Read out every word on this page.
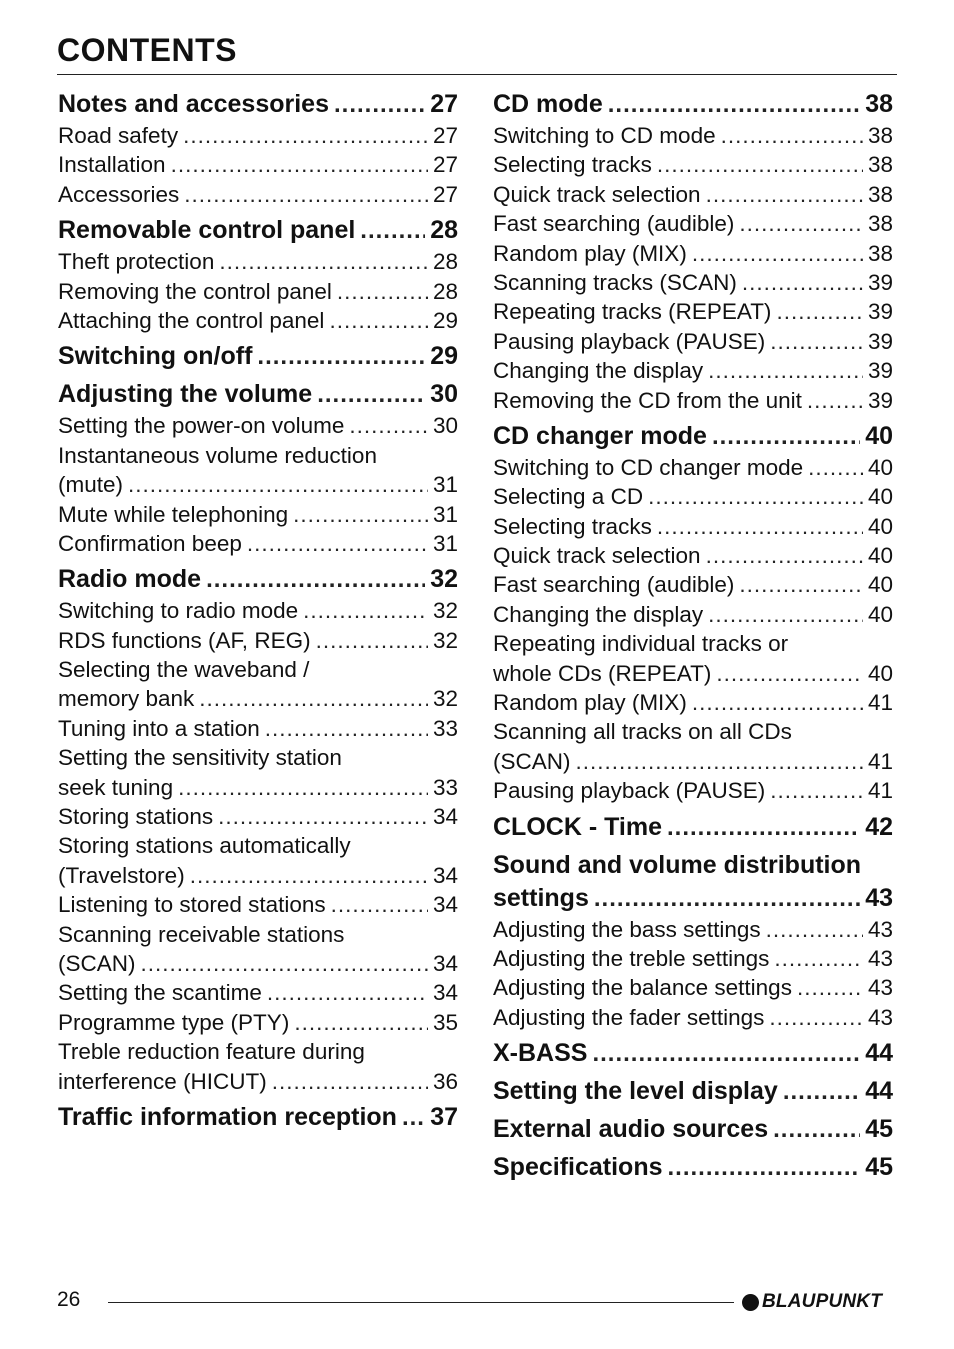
CONTENTS
Notes and accessories .....	27
Road safety .....	27
Installation .....	27
Accessories .....	27
Removable control panel .....	28
Theft protection .....	28
Removing the control panel .....	28
Attaching the control panel .....	29
Switching on/off .....	29
Adjusting the volume .....	30
Setting the power-on volume .....	30
Instantaneous volume reduction
(mute) .....	31
Mute while telephoning .....	31
Confirmation beep .....	31
Radio mode .....	32
Switching to radio mode .....	32
RDS functions (AF, REG) .....	32
Selecting the waveband /
memory bank .....	32
Tuning into a station .....	33
Setting the sensitivity station
seek tuning .....	33
Storing stations .....	34
Storing stations automatically
(Travelstore) .....	34
Listening to stored stations .....	34
Scanning receivable stations
(SCAN) .....	34
Setting the scantime .....	34
Programme type (PTY) .....	35
Treble reduction feature during
interference (HICUT) .....	36
Traffic information reception ..... 37
CD mode .....	38
Switching to CD mode .....	38
Selecting tracks .....	38
Quick track selection .....	38
Fast searching (audible) .....	38
Random play (MIX) .....	38
Scanning tracks (SCAN) .....	39
Repeating tracks (REPEAT) .....	39
Pausing playback (PAUSE) .....	39
Changing the display .....	39
Removing the CD from the unit .....	39
CD changer mode .....	40
Switching to CD changer mode .....	40
Selecting a CD .....	40
Selecting tracks .....	40
Quick track selection .....	40
Fast searching (audible) .....	40
Changing the display .....	40
Repeating individual tracks or
whole CDs (REPEAT) .....	40
Random play (MIX) .....	41
Scanning all tracks on all CDs
(SCAN) .....	41
Pausing playback (PAUSE) .....	41
CLOCK - Time .....	42
Sound and volume distribution
settings .....	43
Adjusting the bass settings .....	43
Adjusting the treble settings .....	43
Adjusting the balance settings .....	43
Adjusting the fader settings .....	43
X-BASS .....	44
Setting the level display .....	44
External audio sources .....	45
Specifications .....	45
26	BLAUPUNKT
